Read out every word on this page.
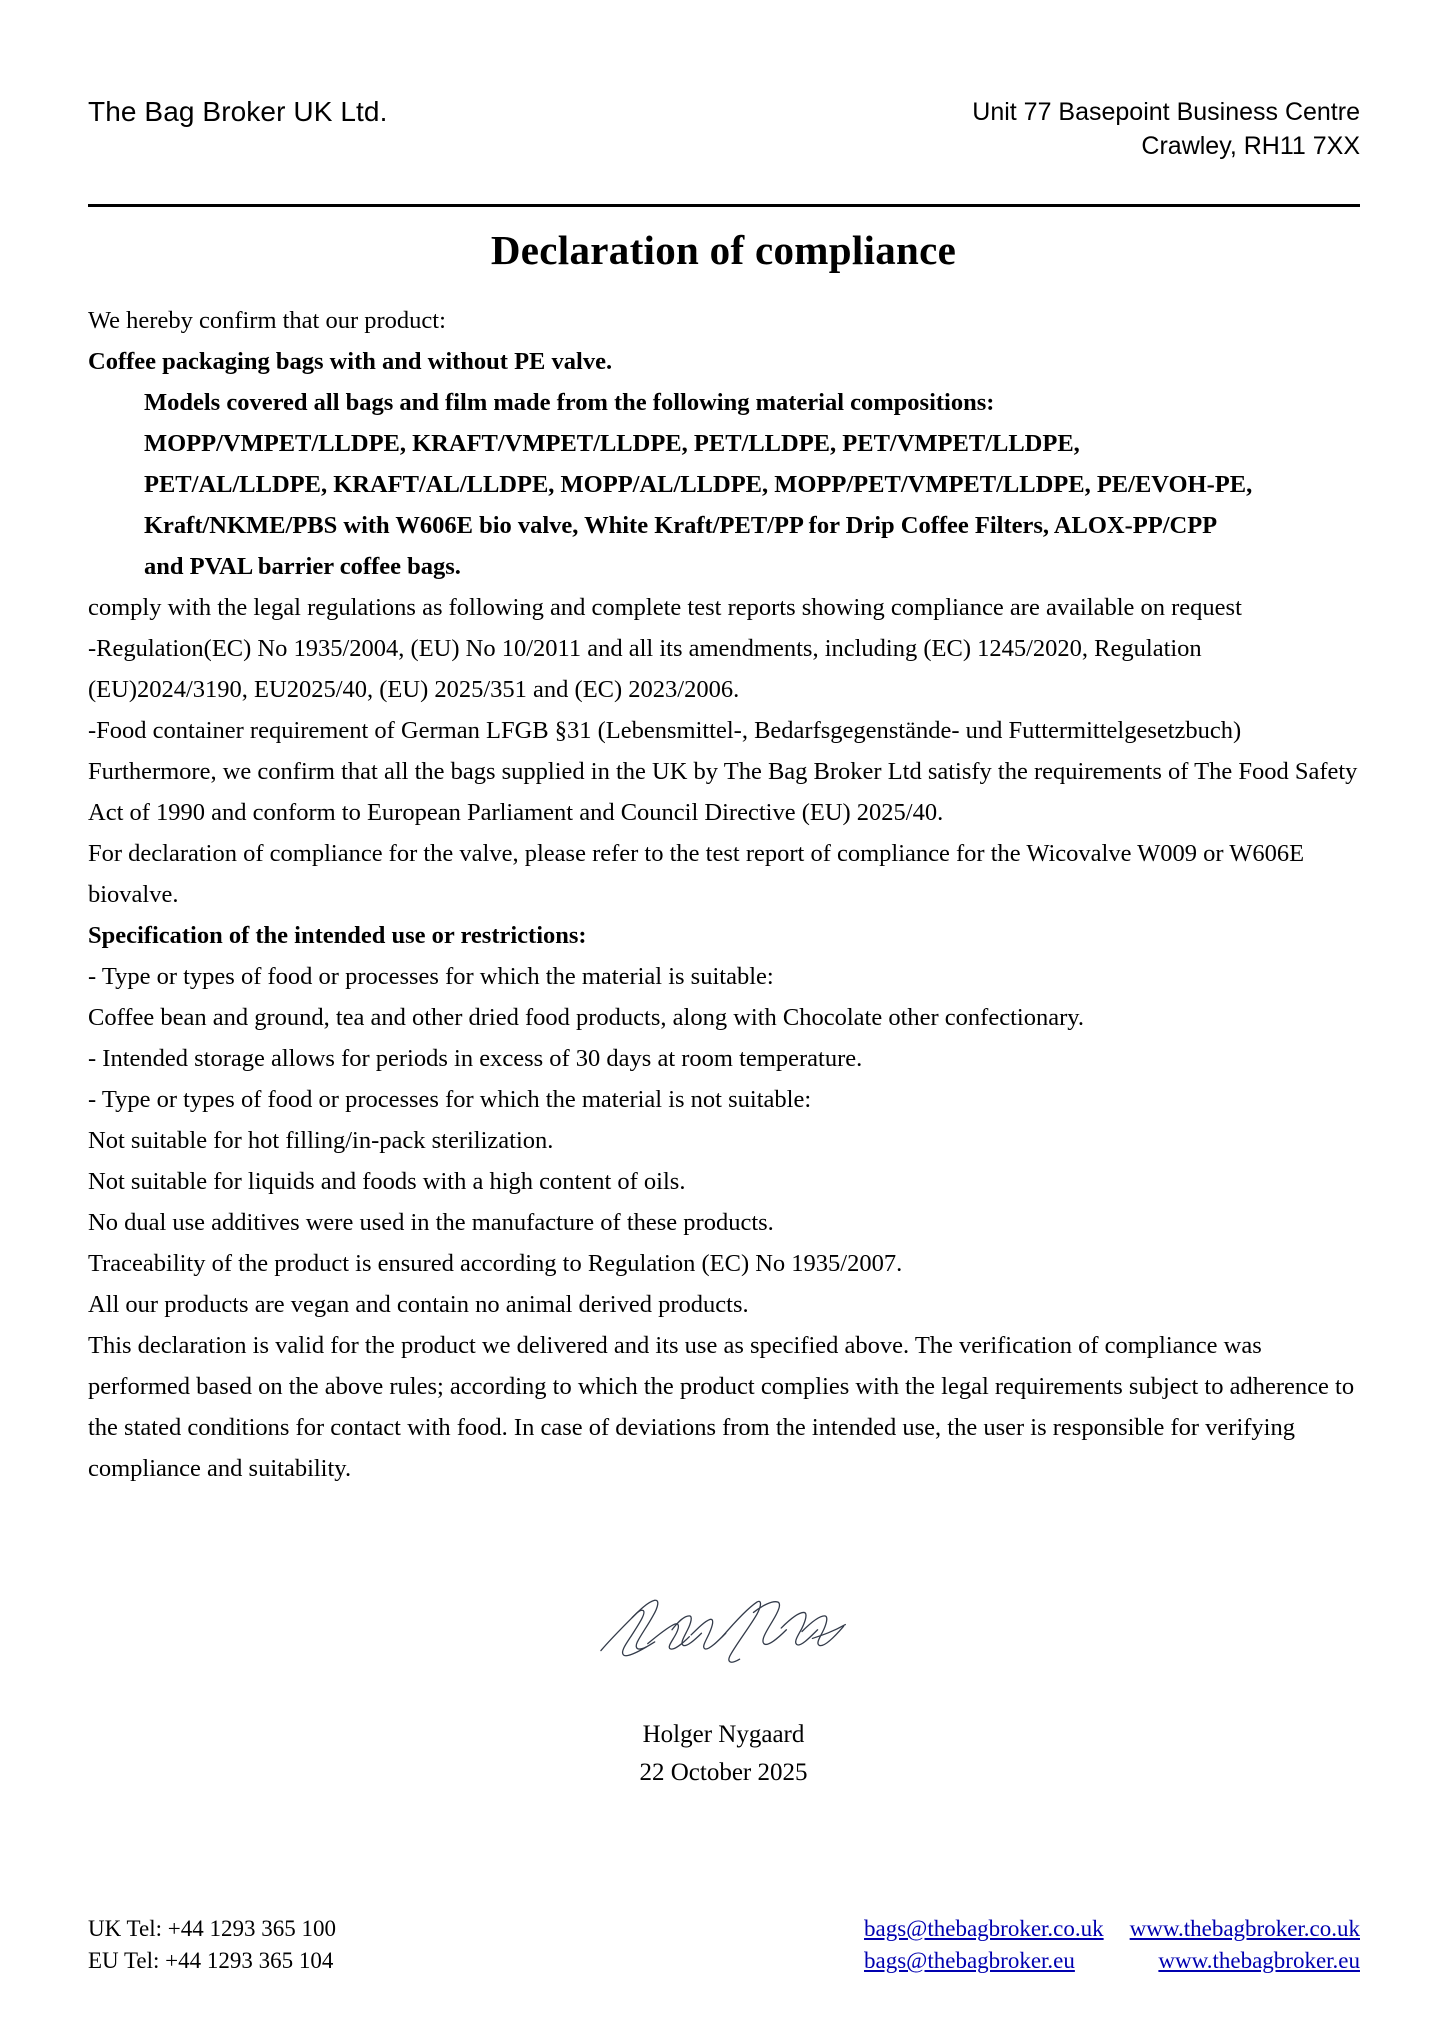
The Bag Broker UK Ltd.	Unit 77 Basepoint Business Centre
Crawley, RH11 7XX
Declaration of compliance

We hereby confirm that our product:

Coffee packaging bags with and without PE valve.

Models covered all bags and film made from the following material compositions:

MOPP/VMPET/LLDPE, KRAFT/VMPET/LLDPE, PET/LLDPE, PET/VMPET/LLDPE,

PET/AL/LLDPE, KRAFT/AL/LLDPE, MOPP/AL/LLDPE, MOPP/PET/VMPET/LLDPE, PE/EVOH-PE,

Kraft/NKME/PBS with W606E bio valve, White Kraft/PET/PP for Drip Coffee Filters, ALOX-PP/CPP

and PVAL barrier coffee bags.

comply with the legal regulations as following and complete test reports showing compliance are available on request

-Regulation(EC) No 1935/2004, (EU) No 10/2011 and all its amendments, including (EC) 1245/2020, Regulation

(EU)2024/3190, EU2025/40, (EU) 2025/351 and (EC) 2023/2006.

-Food container requirement of German LFGB §31 (Lebensmittel-, Bedarfsgegenstände- und Futtermittelgesetzbuch)

Furthermore, we confirm that all the bags supplied in the UK by The Bag Broker Ltd satisfy the requirements of The Food Safety Act of 1990 and conform to European Parliament and Council Directive (EU) 2025/40.

For declaration of compliance for the valve, please refer to the test report of compliance for the Wicovalve W009 or W606E biovalve.

Specification of the intended use or restrictions:

- Type or types of food or processes for which the material is suitable:

Coffee bean and ground, tea and other dried food products, along with Chocolate other confectionary.

- Intended storage allows for periods in excess of 30 days at room temperature.

- Type or types of food or processes for which the material is not suitable:

Not suitable for hot filling/in-pack sterilization.

Not suitable for liquids and foods with a high content of oils.

No dual use additives were used in the manufacture of these products.

Traceability of the product is ensured according to Regulation (EC) No 1935/2007.

All our products are vegan and contain no animal derived products.

This declaration is valid for the product we delivered and its use as specified above. The verification of compliance was performed based on the above rules; according to which the product complies with the legal requirements subject to adherence to the stated conditions for contact with food. In case of deviations from the intended use, the user is responsible for verifying compliance and suitability.

Holger Nygaard
22 October 2025
UK Tel: +44 1293 365 100
EU Tel: +44 1293 365 104
bags@thebagbroker.co.uk
bags@thebagbroker.eu
www.thebagbroker.co.uk
www.thebagbroker.eu
